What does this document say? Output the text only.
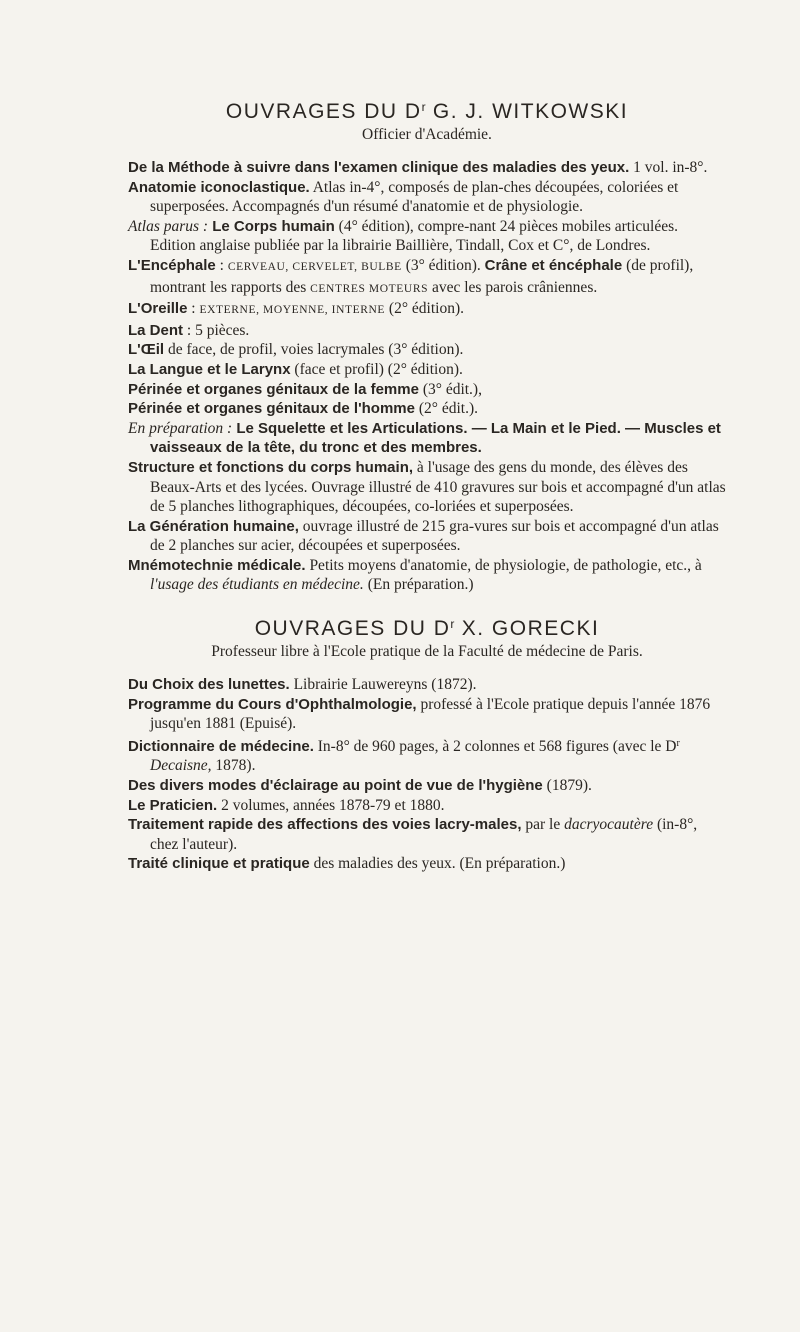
OUVRAGES DU $D^r$ G. J. WITKOWSKI

Officier d'Académie.

De la Méthode à suivre dans l'examen clinique des maladies des yeux. 1 vol. in-8°.

Anatomie iconoclastique. Atlas in-4°, composés de plan-ches découpées, coloriées et superposées. Accompagnés d'un résumé d'anatomie et de physiologie.

Atlas parus : Le Corps humain (4° édition), compre-nant 24 pièces mobiles articulées. Edition anglaise publiée par la librairie Baillière, Tindall, Cox et C°, de Londres.

L'Encéphale : CERVEAU, CERVELET, BULBE (3° édition). Crâne et éncéphale (de profil), montrant les rapports des CENTRES MOTEURS avec les parois crâniennes.

L'Oreille : EXTERNE, MOYENNE, INTERNE (2° édition).

La Dent : 5 pièces.

L'Œil de face, de profil, voies lacrymales (3° édition).

La Langue et le Larynx (face et profil) (2° édition).

Périnée et organes génitaux de la femme (3° édit.),

Périnée et organes génitaux de l'homme (2° édit.).

En préparation : Le Squelette et les Articulations. — La Main et le Pied. — Muscles et vaisseaux de la tête, du tronc et des membres.

Structure et fonctions du corps humain, à l'usage des gens du monde, des élèves des Beaux-Arts et des lycées. Ouvrage illustré de 410 gravures sur bois et accompagné d'un atlas de 5 planches lithographiques, découpées, co-loriées et superposées.

La Génération humaine, ouvrage illustré de 215 gra-vures sur bois et accompagné d'un atlas de 2 planches sur acier, découpées et superposées.

Mnémotechnie médicale. Petits moyens d'anatomie, de physiologie, de pathologie, etc., à l'usage des étudiants en médecine. (En préparation.)

OUVRAGES DU $D^r$ X. GORECKI

Professeur libre à l'Ecole pratique de la Faculté de médecine de Paris.

Du Choix des lunettes. Librairie Lauwereyns (1872).

Programme du Cours d'Ophthalmologie, professé à l'Ecole pratique depuis l'année 1876 jusqu'en 1881 (Epuisé).

Dictionnaire de médecine. In-8° de 960 pages, à 2 colonnes et 568 figures (avec le $D^r$ Decaisne, 1878).

Des divers modes d'éclairage au point de vue de l'hygiène (1879).

Le Praticien. 2 volumes, années 1878-79 et 1880.

Traitement rapide des affections des voies lacry-males, par le dacryocautère (in-8°, chez l'auteur).

Traité clinique et pratique des maladies des yeux. (En préparation.)
